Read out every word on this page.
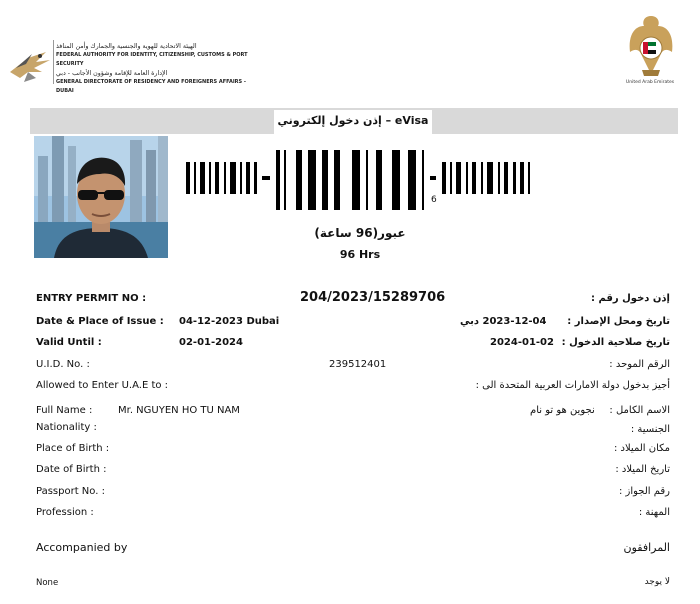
الهيئة الاتحادية للهوية والجنسية والجمارك وأمن المنافذ
FEDERAL AUTHORITY FOR IDENTITY, CITIZENSHIP, CUSTOMS & PORT SECURITY
الإدارة العامة للإقامة وشؤون الأجانب - دبي
GENERAL DIRECTORATE OF RESIDENCY AND FOREIGNERS AFFAIRS - DUBAI
United Arab Emirates
إذن دخول إلكتروني – eVisa
6
عبور(96 ساعة)
96 Hrs
ENTRY PERMIT NO :	204/2023/15289706	إذن دخول رقم :
Date & Place of Issue : 04-12-2023 Dubai	2023-12-04 دبي تاريخ ومحل الإصدار :
Valid Until :	02-01-2024	2024-01-02 تاريخ صلاحية الدخول :
U.I.D. No. :	239512401	الرقم الموحد :
Allowed to Enter U.A.E to :	أجيز بدخول دولة الامارات العربية المتحدة الى :
Full Name :	Mr. NGUYEN HO TU NAM	نجوين هو تو نام الاسم الكامل :
Nationality :	الجنسية :
Place of Birth :	مكان الميلاد :
Date of Birth :	تاريخ الميلاد :
Passport No. :	رقم الجواز :
Profession :	المهنة :
Accompanied by	المرافقون
None	لا يوجد
